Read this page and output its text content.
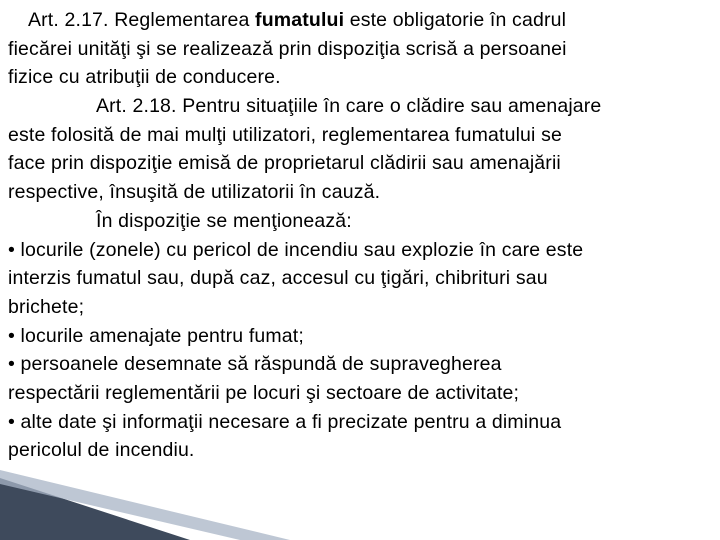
Art. 2.17. Reglementarea fumatului este obligatorie în cadrul
fiecărei unităţi şi se realizează prin dispoziţia scrisă a persoanei
fizice cu atribuţii de conducere.
Art. 2.18. Pentru situaţiile în care o clădire sau amenajare
este folosită de mai mulţi utilizatori, reglementarea fumatului se
face prin dispoziţie emisă de proprietarul clădirii sau amenajării
respective, însuşită de utilizatorii în cauză.
În dispoziţie se menţionează:
• locurile (zonele) cu pericol de incendiu sau explozie în care este
interzis fumatul sau, după caz, accesul cu ţigări, chibrituri sau
brichete;
• locurile amenajate pentru fumat;
• persoanele desemnate să răspundă de supravegherea
respectării reglementării pe locuri şi sectoare de activitate;
• alte date şi informaţii necesare a fi precizate pentru a diminua
pericolul de incendiu.
